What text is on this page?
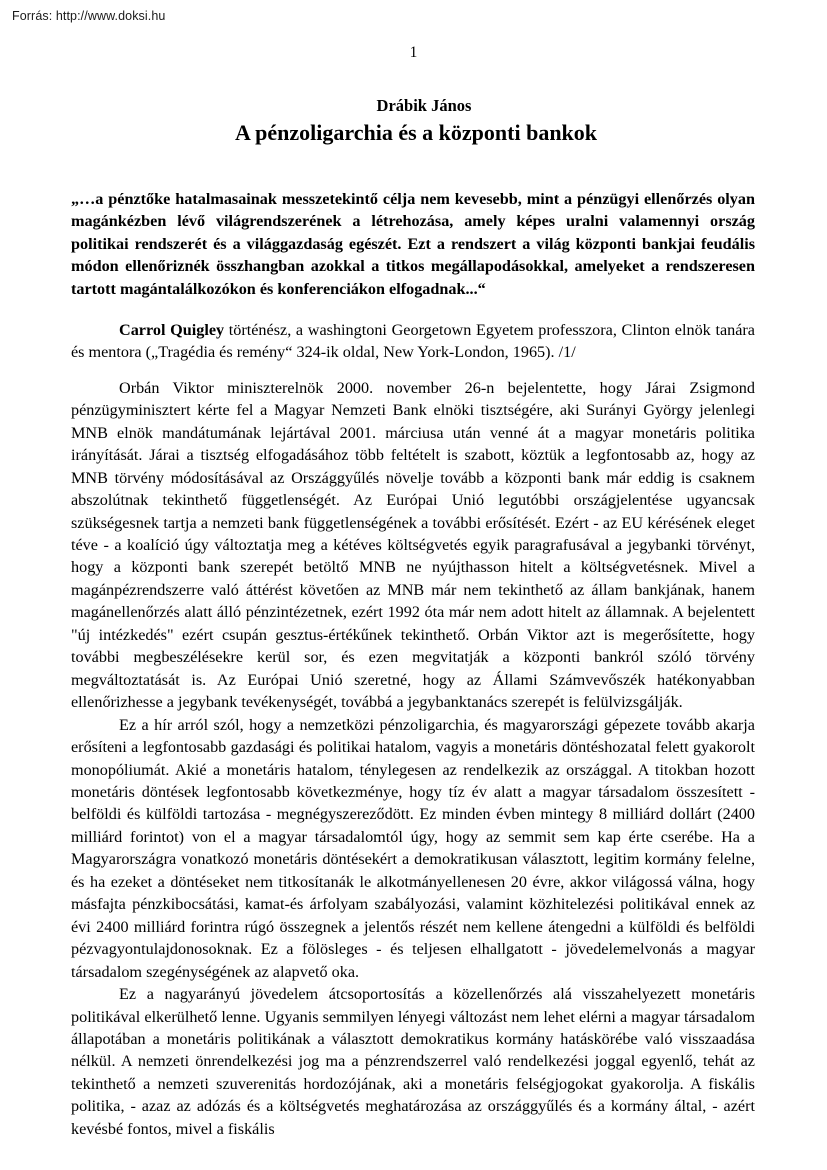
Forrás: http://www.doksi.hu
1

Drábik János

A pénzoligarchia és a központi bankok

„…a pénztőke hatalmasainak messzetekintő célja nem kevesebb, mint a pénzügyi ellenőrzés olyan magánkézben lévő világrendszerének a létrehozása, amely képes uralni valamennyi ország politikai rendszerét és a világgazdaság egészét. Ezt a rendszert a világ központi bankjai feudális módon ellenőriznék összhangban azokkal a titkos megállapodásokkal, amelyeket a rendszeresen tartott magántalálkozókon és konferenciákon elfogadnak...“

Carrol Quigley történész, a washingtoni Georgetown Egyetem professzora, Clinton elnök tanára és mentora („Tragédia és remény“ 324-ik oldal, New York-London, 1965). /1/

Orbán Viktor miniszterelnök 2000. november 26-n bejelentette, hogy Járai Zsigmond pénzügyminisztert kérte fel a Magyar Nemzeti Bank elnöki tisztségére, aki Surányi György jelenlegi MNB elnök mandátumának lejártával 2001. márciusa után venné át a magyar monetáris politika irányítását. Járai a tisztség elfogadásához több feltételt is szabott, köztük a legfontosabb az, hogy az MNB törvény módosításával az Országgyűlés növelje tovább a központi bank már eddig is csaknem abszolútnak tekinthető függetlenségét. Az Európai Unió legutóbbi országjelentése ugyancsak szükségesnek tartja a nemzeti bank függetlenségének a további erősítését. Ezért - az EU kérésének eleget téve - a koalíció úgy változtatja meg a kétéves költségvetés egyik paragrafusával a jegybanki törvényt, hogy a központi bank szerepét betöltő MNB ne nyújthasson hitelt a költségvetésnek. Mivel a magánpézrendszerre való áttérést követően az MNB már nem tekinthető az állam bankjának, hanem magánellenőrzés alatt álló pénzintézetnek, ezért 1992 óta már nem adott hitelt az államnak. A bejelentett "új intézkedés" ezért csupán gesztus-értékűnek tekinthető. Orbán Viktor azt is megerősítette, hogy további megbeszélésekre kerül sor, és ezen megvitatják a központi bankról szóló törvény megváltoztatását is. Az Európai Unió szeretné, hogy az Állami Számvevőszék hatékonyabban ellenőrizhesse a jegybank tevékenységét, továbbá a jegybanktanács szerepét is felülvizsgálják.

Ez a hír arról szól, hogy a nemzetközi pénzoligarchia, és magyarországi gépezete tovább akarja erősíteni a legfontosabb gazdasági és politikai hatalom, vagyis a monetáris döntéshozatal felett gyakorolt monopóliumát. Akié a monetáris hatalom, ténylegesen az rendelkezik az országgal. A titokban hozott monetáris döntések legfontosabb következménye, hogy tíz év alatt a magyar társadalom összesített - belföldi és külföldi tartozása - megnégyszereződött. Ez minden évben mintegy 8 milliárd dollárt (2400 milliárd forintot) von el a magyar társadalomtól úgy, hogy az semmit sem kap érte cserébe. Ha a Magyarországra vonatkozó monetáris döntésekért a demokratikusan választott, legitim kormány felelne, és ha ezeket a döntéseket nem titkosítanák le alkotmányellenesen 20 évre, akkor világossá válna, hogy másfajta pénzkibocsátási, kamat-és árfolyam szabályozási, valamint közhitelezési politikával ennek az évi 2400 milliárd forintra rúgó összegnek a jelentős részét nem kellene átengedni a külföldi és belföldi pézvagyontulajdonosoknak. Ez a fölösleges - és teljesen elhallgatott - jövedelemelvonás a magyar társadalom szegénységének az alapvető oka.

Ez a nagyarányú jövedelem átcsoportosítás a közellenőrzés alá visszahelyezett monetáris politikával elkerülhető lenne. Ugyanis semmilyen lényegi változást nem lehet elérni a magyar társadalom állapotában a monetáris politikának a választott demokratikus kormány hatáskörébe való visszaadása nélkül. A nemzeti önrendelkezési jog ma a pénzrendszerrel való rendelkezési joggal egyenlő, tehát az tekinthető a nemzeti szuverenitás hordozójának, aki a monetáris felségjogokat gyakorolja. A fiskális politika, - azaz az adózás és a költségvetés meghatározása az országgyűlés és a kormány által, - azért kevésbé fontos, mivel a fiskális
